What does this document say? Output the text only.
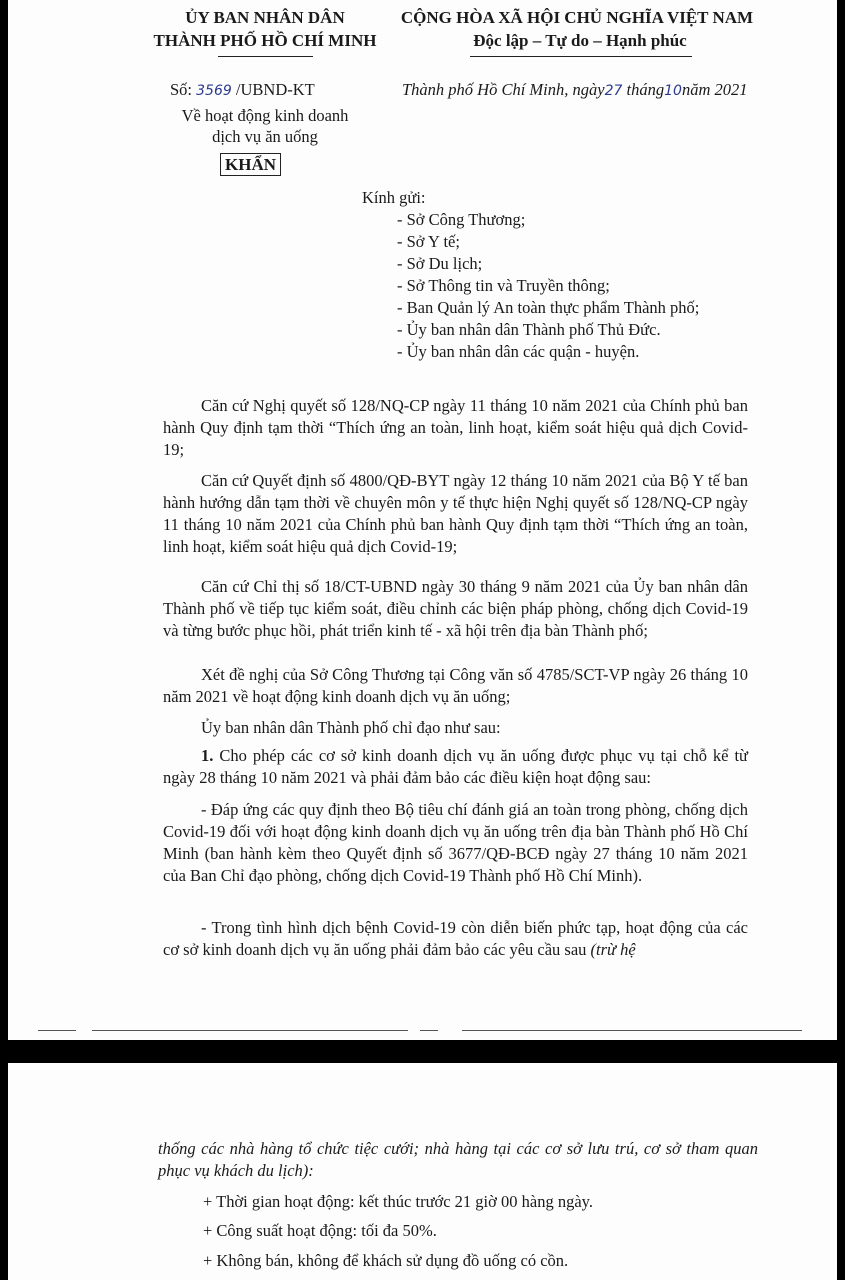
ỦY BAN NHÂN DÂN
THÀNH PHỐ HỒ CHÍ MINH
CỘNG HÒA XÃ HỘI CHỦ NGHĨA VIỆT NAM
Độc lập – Tự do – Hạnh phúc
Số: 3569 /UBND-KT	Thành phố Hồ Chí Minh, ngày27 tháng10năm 2021
Về hoạt động kinh doanh
dịch vụ ăn uống
KHẨN
Kính gửi:
- Sở Công Thương;
- Sở Y tế;
- Sở Du lịch;
- Sở Thông tin và Truyền thông;
- Ban Quản lý An toàn thực phẩm Thành phố;
- Ủy ban nhân dân Thành phố Thủ Đức.
- Ủy ban nhân dân các quận - huyện.
Căn cứ Nghị quyết số 128/NQ-CP ngày 11 tháng 10 năm 2021 của Chính phủ ban hành Quy định tạm thời “Thích ứng an toàn, linh hoạt, kiểm soát hiệu quả dịch Covid-19;
Căn cứ Quyết định số 4800/QĐ-BYT ngày 12 tháng 10 năm 2021 của Bộ Y tế ban hành hướng dẫn tạm thời về chuyên môn y tế thực hiện Nghị quyết số 128/NQ-CP ngày 11 tháng 10 năm 2021 của Chính phủ ban hành Quy định tạm thời “Thích ứng an toàn, linh hoạt, kiểm soát hiệu quả dịch Covid-19;
Căn cứ Chỉ thị số 18/CT-UBND ngày 30 tháng 9 năm 2021 của Ủy ban nhân dân Thành phố về tiếp tục kiểm soát, điều chỉnh các biện pháp phòng, chống dịch Covid-19 và từng bước phục hồi, phát triển kinh tế - xã hội trên địa bàn Thành phố;
Xét đề nghị của Sở Công Thương tại Công văn số 4785/SCT-VP ngày 26 tháng 10 năm 2021 về hoạt động kinh doanh dịch vụ ăn uống;
Ủy ban nhân dân Thành phố chỉ đạo như sau:
1. Cho phép các cơ sở kinh doanh dịch vụ ăn uống được phục vụ tại chỗ kể từ ngày 28 tháng 10 năm 2021 và phải đảm bảo các điều kiện hoạt động sau:
- Đáp ứng các quy định theo Bộ tiêu chí đánh giá an toàn trong phòng, chống dịch Covid-19 đối với hoạt động kinh doanh dịch vụ ăn uống trên địa bàn Thành phố Hồ Chí Minh (ban hành kèm theo Quyết định số 3677/QĐ-BCĐ ngày 27 tháng 10 năm 2021 của Ban Chỉ đạo phòng, chống dịch Covid-19 Thành phố Hồ Chí Minh).
- Trong tình hình dịch bệnh Covid-19 còn diễn biến phức tạp, hoạt động của các cơ sở kinh doanh dịch vụ ăn uống phải đảm bảo các yêu cầu sau (trừ hệ
thống các nhà hàng tổ chức tiệc cưới; nhà hàng tại các cơ sở lưu trú, cơ sở tham quan phục vụ khách du lịch):
+ Thời gian hoạt động: kết thúc trước 21 giờ 00 hàng ngày.
+ Công suất hoạt động: tối đa 50%.
+ Không bán, không để khách sử dụng đồ uống có cồn.
